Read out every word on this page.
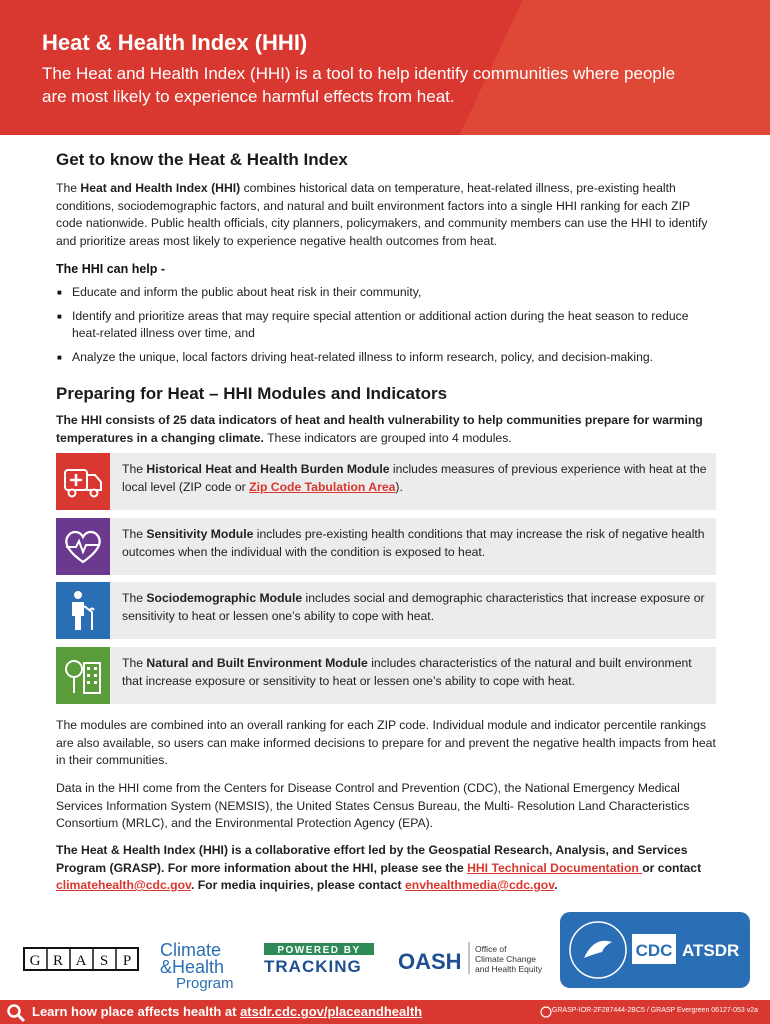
Heat & Health Index (HHI)
The Heat and Health Index (HHI) is a tool to help identify communities where people are most likely to experience harmful effects from heat.
Get to know the Heat & Health Index
The Heat and Health Index (HHI) combines historical data on temperature, heat-related illness, pre-existing health conditions, sociodemographic factors, and natural and built environment factors into a single HHI ranking for each ZIP code nationwide. Public health officials, city planners, policymakers, and community members can use the HHI to identify and prioritize areas most likely to experience negative health outcomes from heat.
The HHI can help -
■ Educate and inform the public about heat risk in their community,
■ Identify and prioritize areas that may require special attention or additional action during the heat season to reduce heat-related illness over time, and
■ Analyze the unique, local factors driving heat-related illness to inform research, policy, and decision-making.
Preparing for Heat – HHI Modules and Indicators
The HHI consists of 25 data indicators of heat and health vulnerability to help communities prepare for warming temperatures in a changing climate. These indicators are grouped into 4 modules.
The Historical Heat and Health Burden Module includes measures of previous experience with heat at the local level (ZIP code or Zip Code Tabulation Area).
The Sensitivity Module includes pre-existing health conditions that may increase the risk of negative health outcomes when the individual with the condition is exposed to heat.
The Sociodemographic Module includes social and demographic characteristics that increase exposure or sensitivity to heat or lessen one’s ability to cope with heat.
The Natural and Built Environment Module includes characteristics of the natural and built environment that increase exposure or sensitivity to heat or lessen one’s ability to cope with heat.
The modules are combined into an overall ranking for each ZIP code. Individual module and indicator percentile rankings are also available, so users can make informed decisions to prepare for and prevent the negative health impacts from heat in their communities.
Data in the HHI come from the Centers for Disease Control and Prevention (CDC), the National Emergency Medical Services Information System (NEMSIS), the United States Census Bureau, the Multi- Resolution Land Characteristics Consortium (MRLC), and the Environmental Protection Agency (EPA).
The Heat & Health Index (HHI) is a collaborative effort led by the Geospatial Research, Analysis, and Services Program (GRASP). For more information about the HHI, please see the HHI Technical Documentation or contact climatehealth@cdc.gov. For media inquiries, please contact envhealthmedia@cdc.gov.
G R A S P
Climate
&Health
Program
POWERED BY
TRACKING OASH Office of
Climate Change
and Health Equity
CDC ATSDR
Learn how place affects health at atsdr.cdc.gov/placeandhealth	GRASP-IOR-2F287444-2BC5 / GRASP Evergreen 06127-053 v2a
